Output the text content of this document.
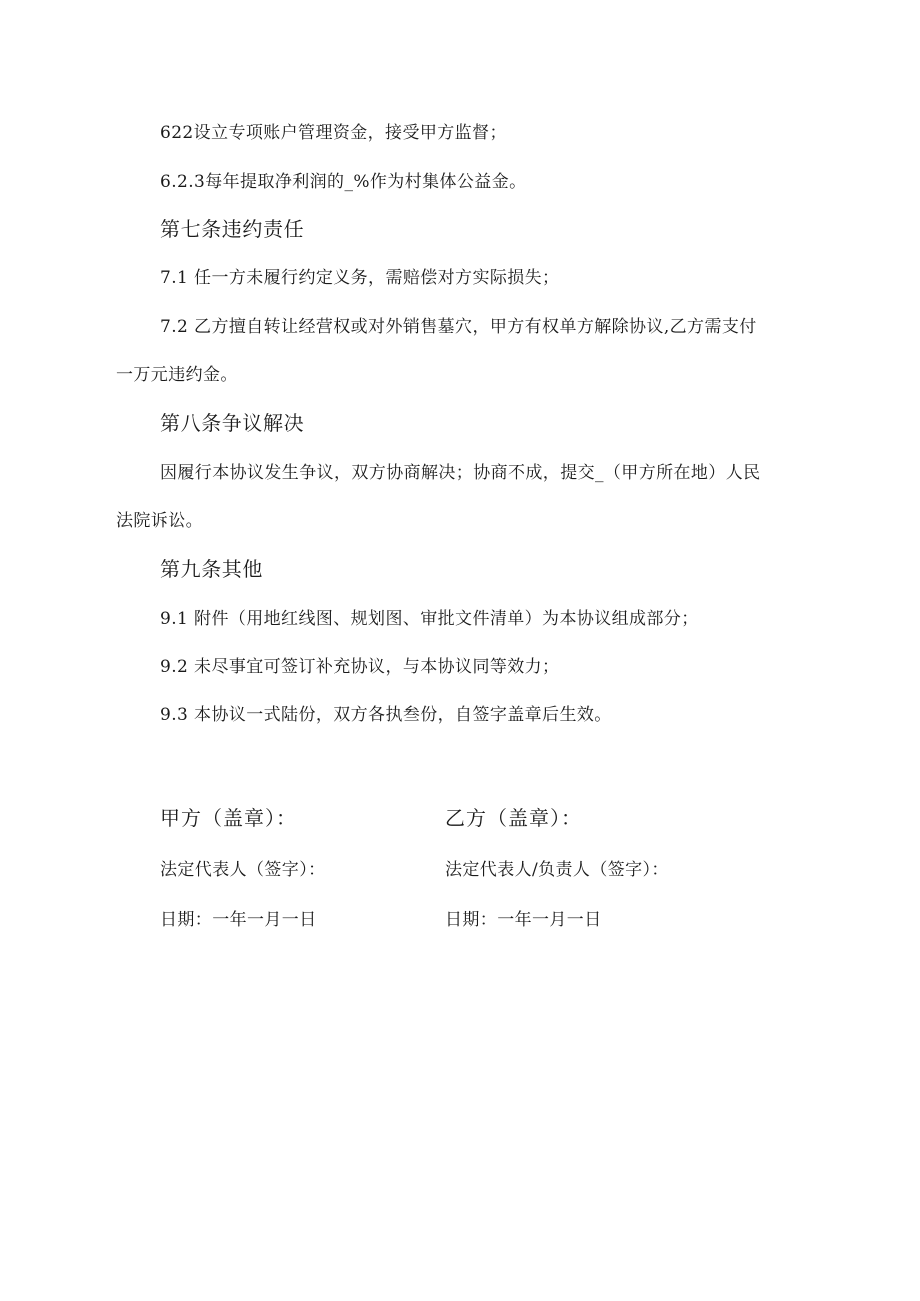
622设立专项账户管理资金，接受甲方监督；
6.2.3每年提取净利润的_%作为村集体公益金。
第七条违约责任
7.1 任一方未履行约定义务，需赔偿对方实际损失；
7.2 乙方擅自转让经营权或对外销售墓穴，甲方有权单方解除协议,乙方需支付
一万元违约金。
第八条争议解决
因履行本协议发生争议，双方协商解决；协商不成，提交_（甲方所在地）人民
法院诉讼。
第九条其他
9.1 附件（用地红线图、规划图、审批文件清单）为本协议组成部分；
9.2 未尽事宜可签订补充协议，与本协议同等效力；
9.3 本协议一式陆份，双方各执叁份，自签字盖章后生效。
甲方（盖章）：	乙方（盖章）：
法定代表人（签字）：	法定代表人/负责人（签字）：
日期：一年一月一日	日期：一年一月一日
